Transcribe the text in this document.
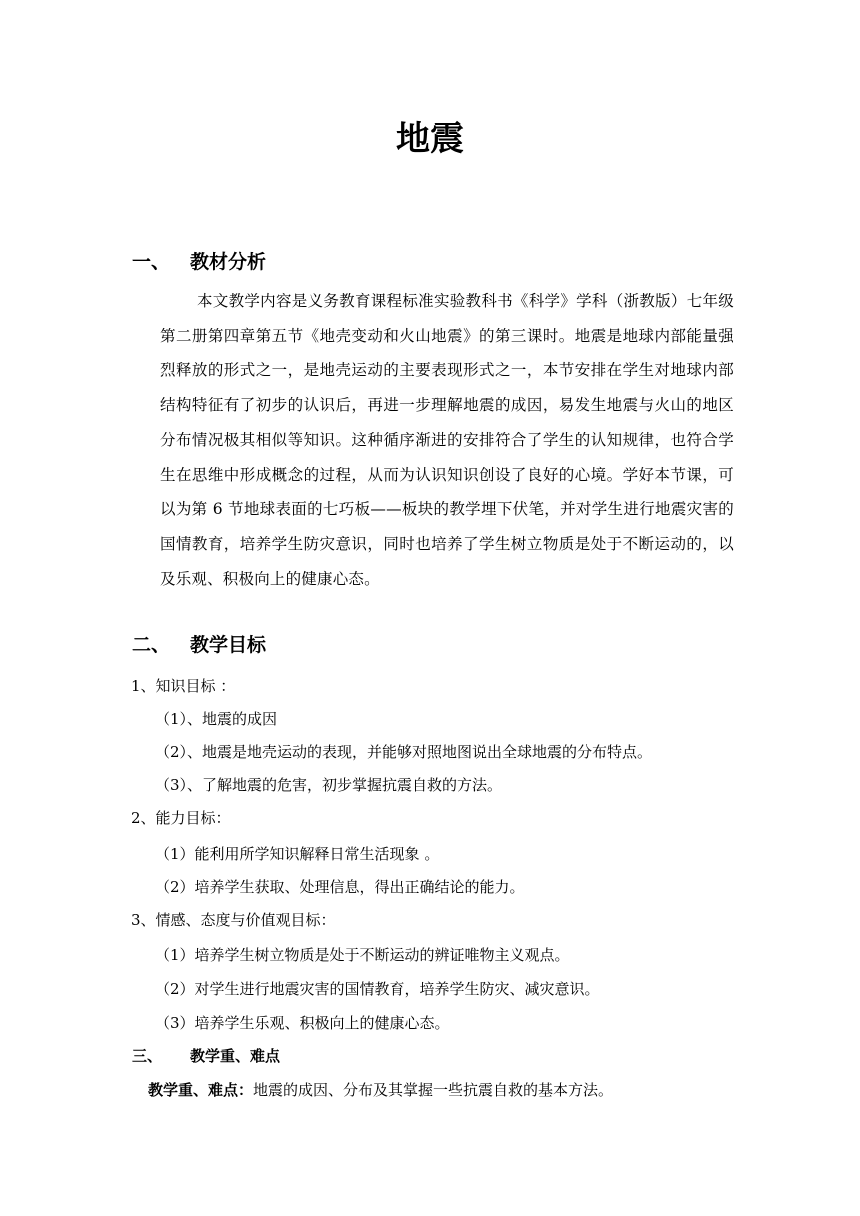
地震
一、 教材分析
本文教学内容是义务教育课程标准实验教科书《科学》学科（浙教版）七年级第二册第四章第五节《地壳变动和火山地震》的第三课时。地震是地球内部能量强烈释放的形式之一，是地壳运动的主要表现形式之一，本节安排在学生对地球内部结构特征有了初步的认识后，再进一步理解地震的成因，易发生地震与火山的地区分布情况极其相似等知识。这种循序渐进的安排符合了学生的认知规律，也符合学生在思维中形成概念的过程，从而为认识知识创设了良好的心境。学好本节课，可以为第 6 节地球表面的七巧板——板块的教学埋下伏笔，并对学生进行地震灾害的国情教育，培养学生防灾意识，同时也培养了学生树立物质是处于不断运动的，以及乐观、积极向上的健康心态。
二、 教学目标
1、知识目标 ：
（1）、地震的成因
（2）、地震是地壳运动的表现，并能够对照地图说出全球地震的分布特点。
（3）、了解地震的危害，初步掌握抗震自救的方法。
2、能力目标：
（1）能利用所学知识解释日常生活现象 。
（2）培养学生获取、处理信息，得出正确结论的能力。
3、情感、态度与价值观目标：
（1）培养学生树立物质是处于不断运动的辨证唯物主义观点。
（2）对学生进行地震灾害的国情教育，培养学生防灾、减灾意识。
（3）培养学生乐观、积极向上的健康心态。
三、 教学重、难点
教学重、难点：地震的成因、分布及其掌握一些抗震自救的基本方法。
